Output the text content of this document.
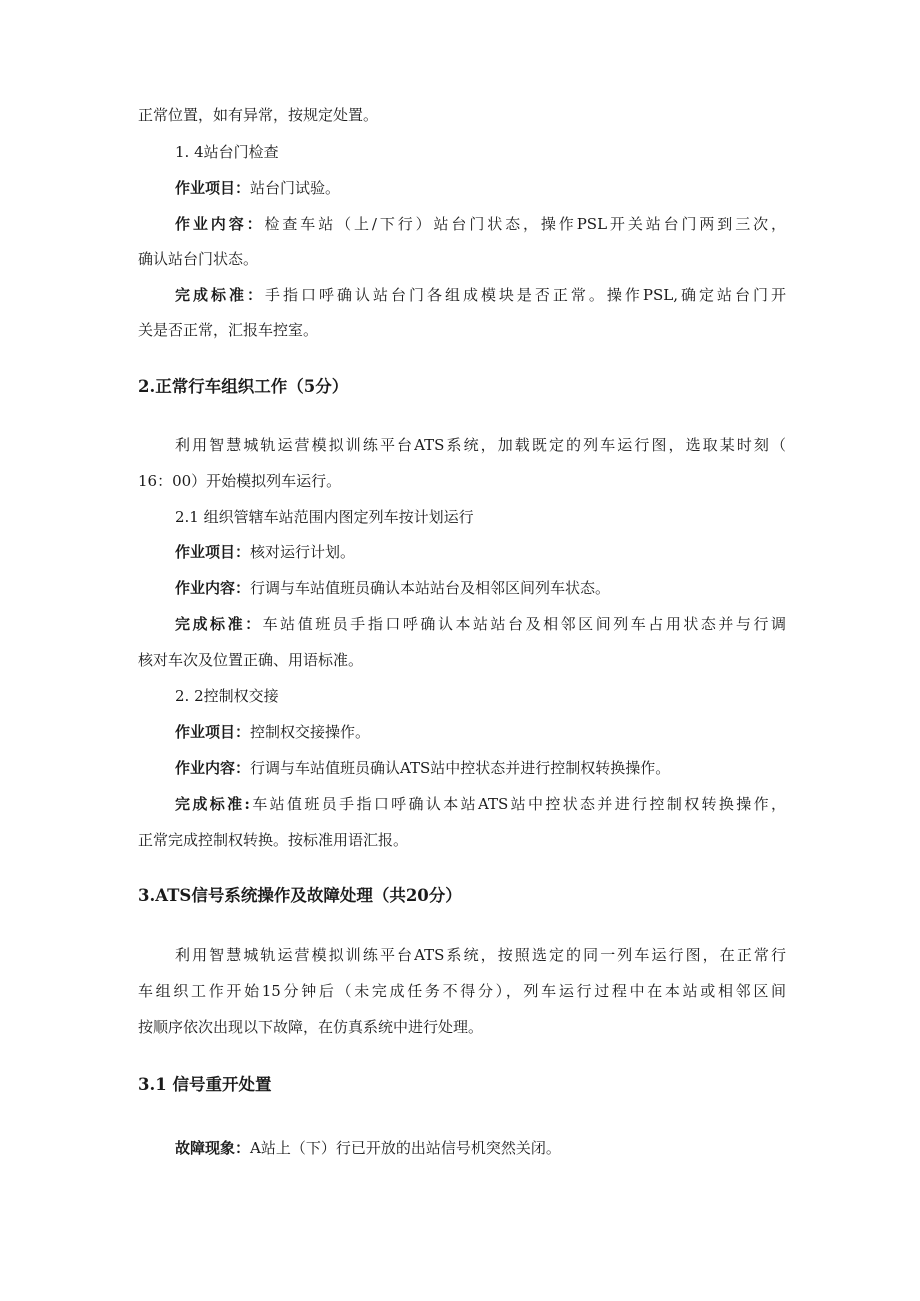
正常位置，如有异常，按规定处置。
1. 4站台门检查
作业项目：站台门试验。
作业内容：检查车站（上/下行）站台门状态，操作PSL开关站台门两到三次，
确认站台门状态。
完成标准：手指口呼确认站台门各组成模块是否正常。操作PSL,确定站台门开
关是否正常，汇报车控室。
2.正常行车组织工作（5分）
利用智慧城轨运营模拟训练平台ATS系统，加载既定的列车运行图，选取某时刻（
16：00）开始模拟列车运行。
2.1 组织管辖车站范围内图定列车按计划运行
作业项目：核对运行计划。
作业内容：行调与车站值班员确认本站站台及相邻区间列车状态。
完成标准：车站值班员手指口呼确认本站站台及相邻区间列车占用状态并与行调
核对车次及位置正确、用语标准。
2. 2控制权交接
作业项目：控制权交接操作。
作业内容：行调与车站值班员确认ATS站中控状态并进行控制权转换操作。
完成标准:车站值班员手指口呼确认本站ATS站中控状态并进行控制权转换操作，
正常完成控制权转换。按标准用语汇报。
3.ATS信号系统操作及故障处理（共20分）
利用智慧城轨运营模拟训练平台ATS系统，按照选定的同一列车运行图，在正常行
车组织工作开始15分钟后（未完成任务不得分），列车运行过程中在本站或相邻区间
按顺序依次出现以下故障，在仿真系统中进行处理。
3.1 信号重开处置
故障现象：A站上（下）行已开放的出站信号机突然关闭。
